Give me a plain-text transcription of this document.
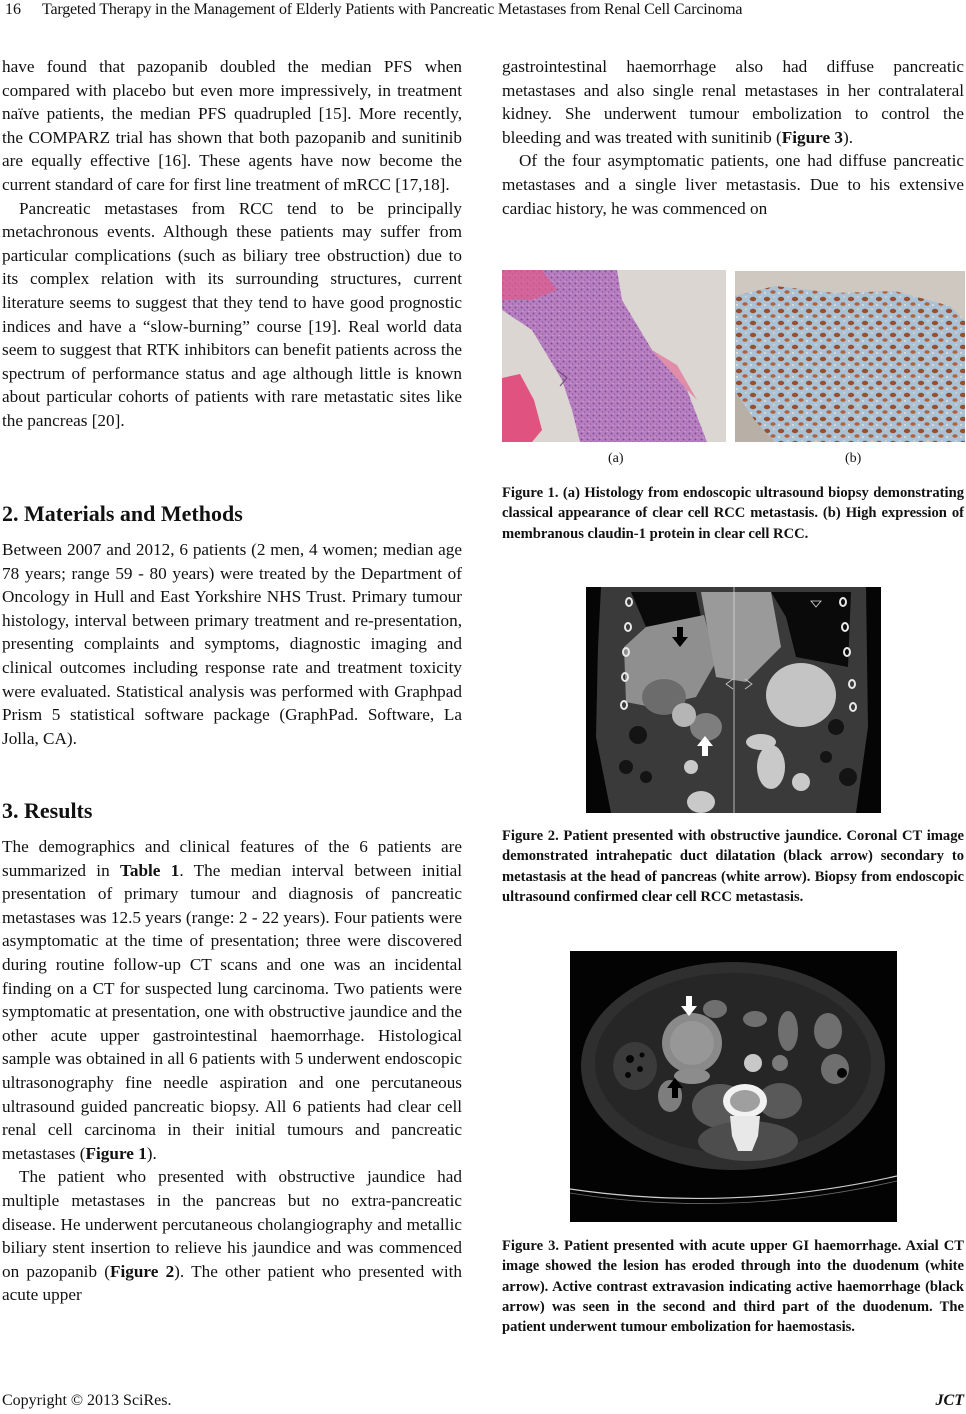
16 Targeted Therapy in the Management of Elderly Patients with Pancreatic Metastases from Renal Cell Carcinoma

have found that pazopanib doubled the median PFS when compared with placebo but even more impressively, in treatment naïve patients, the median PFS quadrupled [15]. More recently, the COMPARZ trial has shown that both pazopanib and sunitinib are equally effective [16]. These agents have now become the current standard of care for first line treatment of mRCC [17,18].

Pancreatic metastases from RCC tend to be principally metachronous events. Although these patients may suffer from particular complications (such as biliary tree obstruction) due to its complex relation with its surrounding structures, current literature seems to suggest that they tend to have good prognostic indices and have a “slow-burning” course [19]. Real world data seem to suggest that RTK inhibitors can benefit patients across the spectrum of performance status and age although little is known about particular cohorts of patients with rare metastatic sites like the pancreas [20].

2. Materials and Methods
Between 2007 and 2012, 6 patients (2 men, 4 women; median age 78 years; range 59 - 80 years) were treated by the Department of Oncology in Hull and East Yorkshire NHS Trust. Primary tumour histology, interval between primary treatment and re-presentation, presenting complaints and symptoms, diagnostic imaging and clinical outcomes including response rate and treatment toxicity were evaluated. Statistical analysis was performed with Graphpad Prism 5 statistical software package (GraphPad. Software, La Jolla, CA).
3. Results

The demographics and clinical features of the 6 patients are summarized in Table 1. The median interval between initial presentation of primary tumour and diagnosis of pancreatic metastases was 12.5 years (range: 2 - 22 years). Four patients were asymptomatic at the time of presentation; three were discovered during routine follow-up CT scans and one was an incidental finding on a CT for suspected lung carcinoma. Two patients were symptomatic at presentation, one with obstructive jaundice and the other acute upper gastrointestinal haemorrhage. Histological sample was obtained in all 6 patients with 5 underwent endoscopic ultrasonography fine needle aspiration and one percutaneous ultrasound guided pancreatic biopsy. All 6 patients had clear cell renal cell carcinoma in their initial tumours and pancreatic metastases (Figure 1).

The patient who presented with obstructive jaundice had multiple metastases in the pancreas but no extra-pancreatic disease. He underwent percutaneous cholangiography and metallic biliary stent insertion to relieve his jaundice and was commenced on pazopanib (Figure 2). The other patient who presented with acute upper

gastrointestinal haemorrhage also had diffuse pancreatic metastases and also single renal metastases in her contralateral kidney. She underwent tumour embolization to control the bleeding and was treated with sunitinib (Figure 3).

Of the four asymptomatic patients, one had diffuse pancreatic metastases and a single liver metastasis. Due to his extensive cardiac history, he was commenced on

(a)	(b)
Figure 1. (a) Histology from endoscopic ultrasound biopsy demonstrating classical appearance of clear cell RCC metastasis. (b) High expression of membranous claudin-1 protein in clear cell RCC.
Figure 2. Patient presented with obstructive jaundice. Coronal CT image demonstrated intrahepatic duct dilatation (black arrow) secondary to metastasis at the head of pancreas (white arrow). Biopsy from endoscopic ultrasound confirmed clear cell RCC metastasis.
Figure 3. Patient presented with acute upper GI haemorrhage. Axial CT image showed the lesion has eroded through into the duodenum (white arrow). Active contrast extravasion indicating active haemorrhage (black arrow) was seen in the second and third part of the duodenum. The patient underwent tumour embolization for haemostasis.
Copyright © 2013 SciRes.	JCT
